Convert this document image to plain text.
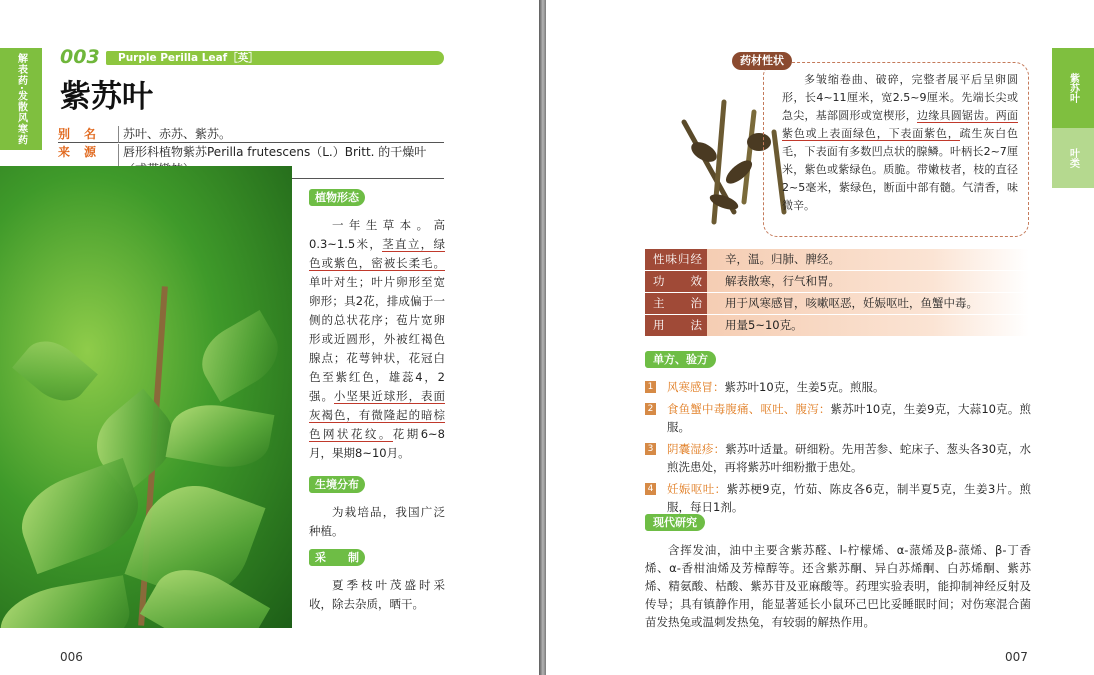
解表药·发散风寒药 003	Purple Perilla Leaf［英］
紫苏叶
别名	苏叶、赤苏、紫苏。
来源	唇形科植物紫苏Perilla frutescens（L.）Britt. 的干燥叶
植物形态
一年生草本。高0.3~1.5米，茎直立，绿色或紫色，密被长柔毛。单叶对生；叶片卵形至宽卵形；具2花，排成偏于一侧的总状花序；苞片宽卵形或近圆形，外被红褐色腺点；花萼钟状，花冠白色至紫红色，雄蕊4，2强。小坚果近球形，表面灰褐色，有微隆起的暗棕色网状花纹。花期6~8月，果期8~10月。
生境分布
为栽培品，我国广泛种植。
采　　制
夏季枝叶茂盛时采收，除去杂质，晒干。
006
紫苏叶
叶类
多皱缩卷曲、破碎，完整者展平后呈卵圆形，长4~11厘米，宽2.5~9厘米。先端长尖或急尖，基部圆形或宽楔形，边缘具圆锯齿。两面紫色或上表面绿色，下表面紫色，疏生灰白色毛，下表面有多数凹点状的腺鳞。叶柄长2~7厘米，紫色或紫绿色。质脆。带嫩枝者，枝的直径2~5毫米，紫绿色，断面中部有髓。气清香，味微辛。
药材性状
性味归经	辛，温。归肺、脾经。
功　　效	解表散寒，行气和胃。
主　　治	用于风寒感冒，咳嗽呕恶，妊娠呕吐，鱼蟹中毒。
用　　法	用量5~10克。
单方、验方
1 风寒感冒：紫苏叶10克，生姜5克。煎服。
2 食鱼蟹中毒腹痛、呕吐、腹泻：紫苏叶10克，生姜9克，大蒜10克。煎服。
3 阴囊湿疹：紫苏叶适量。研细粉。先用苦参、蛇床子、葱头各30克，水煎洗患处，再将紫苏叶细粉撒于患处。
4 妊娠呕吐：紫苏梗9克，竹茹、陈皮各6克，制半夏5克，生姜3片。煎服，每日1剂。
现代研究
含挥发油，油中主要含紫苏醛、l-柠檬烯、α-蒎烯及β-蒎烯、β-丁香烯、α-香柑油烯及芳樟醇等。还含紫苏酮、异白苏烯酮、白苏烯酮、紫苏烯、精氨酸、枯酸、紫苏苷及亚麻酸等。药理实验表明，能抑制神经反射及传导；具有镇静作用，能显著延长小鼠环己巴比妥睡眠时间；对伤寒混合菌苗发热兔或温刺发热兔，有较弱的解热作用。
007
